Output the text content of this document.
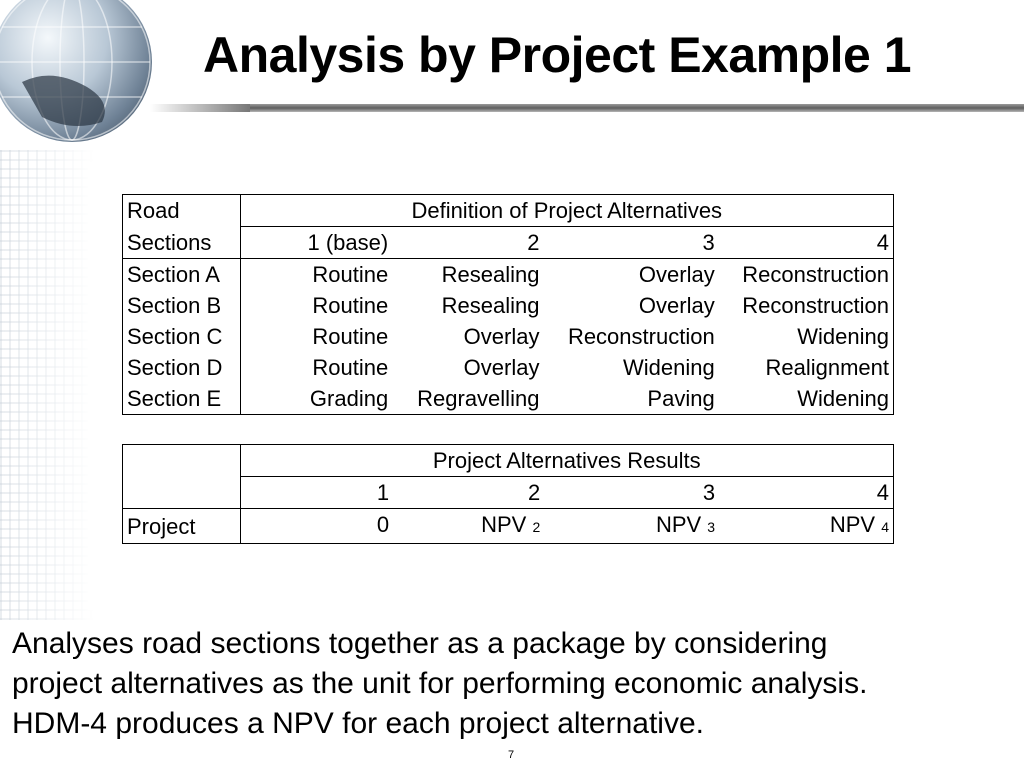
Analysis by Project Example 1
Road	Definition of Project Alternatives			
Sections	1 (base)	2	3	4
Section A	Routine	Resealing	Overlay	Reconstruction
Section B	Routine	Resealing	Overlay	Reconstruction
Section C	Routine	Overlay	Reconstruction	Widening
Section D	Routine	Overlay	Widening	Realignment
Section E	Grading	Regravelling	Paving	Widening
	Project Alternatives Results			
	1	2	3	4
Project	0	NPV 2	NPV 3	NPV 4
Analyses road sections together as a package by considering
project alternatives as the unit for performing economic analysis.
HDM-4 produces a NPV for each project alternative.
7
